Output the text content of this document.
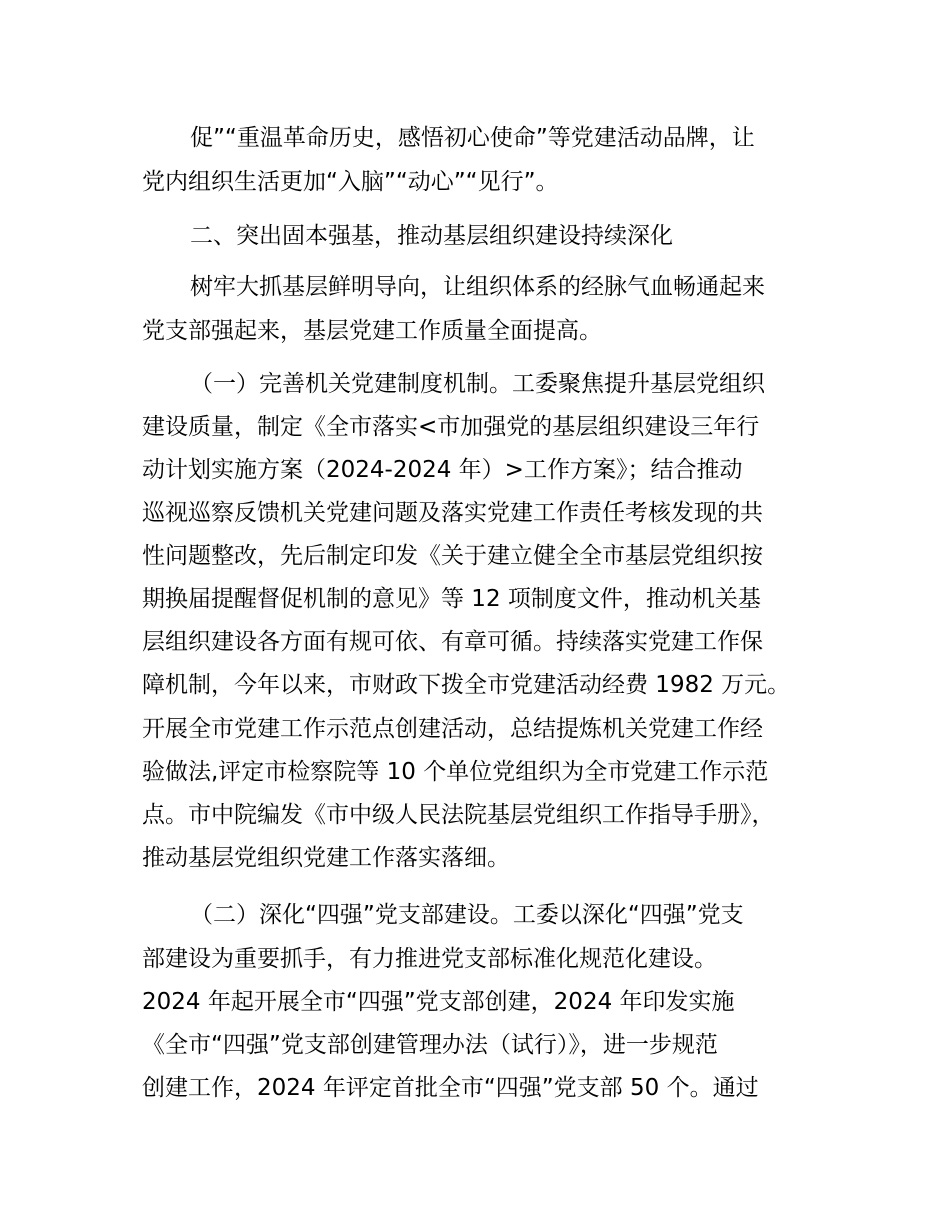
促”“重温革命历史，感悟初心使命”等党建活动品牌，让

党内组织生活更加“入脑”“动心”“见行”。

二、突出固本强基，推动基层组织建设持续深化

树牢大抓基层鲜明导向，让组织体系的经脉气血畅通起来

党支部强起来，基层党建工作质量全面提高。

（一）完善机关党建制度机制。工委聚焦提升基层党组织

建设质量，制定《全市落实<市加强党的基层组织建设三年行

动计划实施方案（2024-2024 年）>工作方案》；结合推动

巡视巡察反馈机关党建问题及落实党建工作责任考核发现的共

性问题整改，先后制定印发《关于建立健全全市基层党组织按

期换届提醒督促机制的意见》等 12 项制度文件，推动机关基

层组织建设各方面有规可依、有章可循。持续落实党建工作保

障机制，今年以来，市财政下拨全市党建活动经费 1982 万元。

开展全市党建工作示范点创建活动，总结提炼机关党建工作经

验做法,评定市检察院等 10 个单位党组织为全市党建工作示范

点。市中院编发《市中级人民法院基层党组织工作指导手册》，

推动基层党组织党建工作落实落细。

（二）深化“四强”党支部建设。工委以深化“四强”党支

部建设为重要抓手，有力推进党支部标准化规范化建设。

2024 年起开展全市“四强”党支部创建，2024 年印发实施

《全市“四强”党支部创建管理办法（试行）》，进一步规范

创建工作，2024 年评定首批全市“四强”党支部 50 个。通过
